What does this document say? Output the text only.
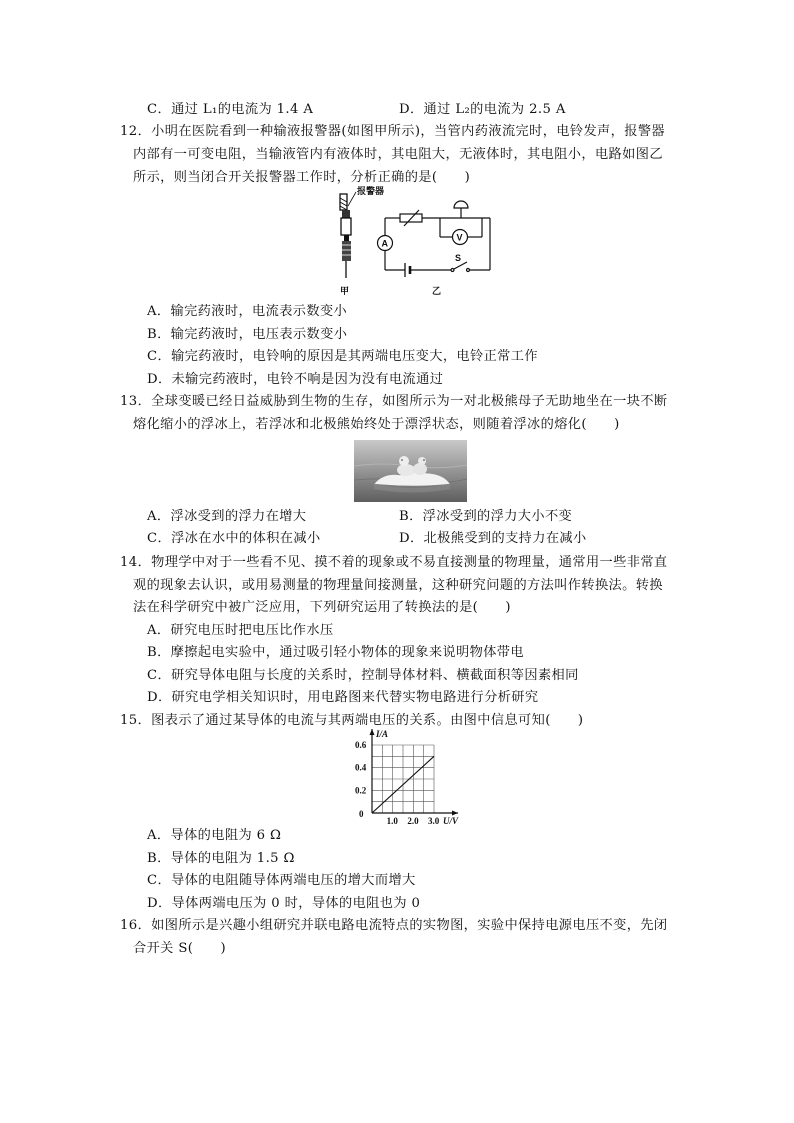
C．通过 L₁的电流为 1.4 A	D．通过 L₂的电流为 2.5 A
12．小明在医院看到一种输液报警器(如图甲所示)，当管内药液流完时，电铃发声，报警器
内部有一可变电阻，当输液管内有液体时，其电阻大，无液体时，其电阻小，电路如图乙
所示，则当闭合开关报警器工作时，分析正确的是(　　)
报警器
甲
A
V
S
乙
A．输完药液时，电流表示数变小
B．输完药液时，电压表示数变小
C．输完药液时，电铃响的原因是其两端电压变大，电铃正常工作
D．未输完药液时，电铃不响是因为没有电流通过
13．全球变暖已经日益威胁到生物的生存，如图所示为一对北极熊母子无助地坐在一块不断
熔化缩小的浮冰上，若浮冰和北极熊始终处于漂浮状态，则随着浮冰的熔化(　　)
A．浮冰受到的浮力在增大	B．浮冰受到的浮力大小不变
C．浮冰在水中的体积在减小	D．北极熊受到的支持力在减小
14．物理学中对于一些看不见、摸不着的现象或不易直接测量的物理量，通常用一些非常直
观的现象去认识，或用易测量的物理量间接测量，这种研究问题的方法叫作转换法。转换
法在科学研究中被广泛应用，下列研究运用了转换法的是(　　)
A．研究电压时把电压比作水压
B．摩擦起电实验中，通过吸引轻小物体的现象来说明物体带电
C．研究导体电阻与长度的关系时，控制导体材料、横截面积等因素相同
D．研究电学相关知识时，用电路图来代替实物电路进行分析研究
15．图表示了通过某导体的电流与其两端电压的关系。由图中信息可知(　　)
1.0 2.0 3.0
0.2
0.4
0.6
0
U/V
I/A
A．导体的电阻为 6 Ω
B．导体的电阻为 1.5 Ω
C．导体的电阻随导体两端电压的增大而增大
D．导体两端电压为 0 时，导体的电阻也为 0
16．如图所示是兴趣小组研究并联电路电流特点的实物图，实验中保持电源电压不变，先闭
合开关 S(　　)
